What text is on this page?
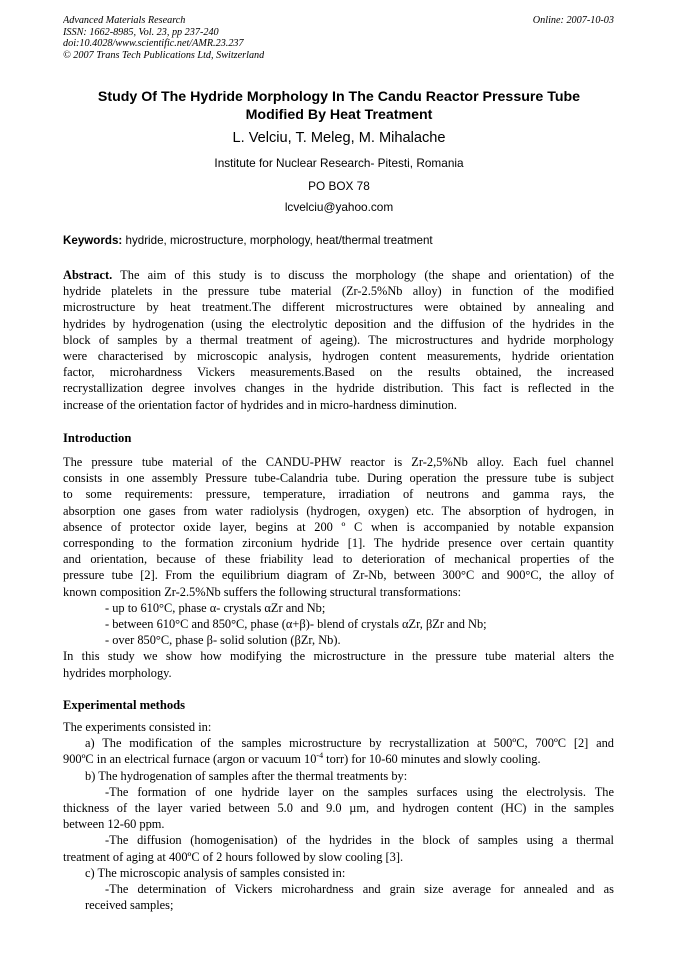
Advanced Materials Research
ISSN: 1662-8985, Vol. 23, pp 237-240
doi:10.4028/www.scientific.net/AMR.23.237
© 2007 Trans Tech Publications Ltd, Switzerland
Online: 2007-10-03
Study Of The Hydride Morphology In The Candu Reactor Pressure Tube
Modified By Heat Treatment
L. Velciu, T. Meleg, M. Mihalache
Institute for Nuclear Research- Pitesti, Romania
PO BOX 78
lcvelciu@yahoo.com
Keywords: hydride, microstructure, morphology, heat/thermal treatment
Abstract. The aim of this study is to discuss the morphology (the shape and orientation) of the
hydride platelets in the pressure tube material (Zr-2.5%Nb alloy) in function of the modified
microstructure by heat treatment.The different microstructures were obtained by annealing and
hydrides by hydrogenation (using the electrolytic deposition and the diffusion of the hydrides in the
block of samples by a thermal treatment of ageing). The microstructures and hydride morphology
were characterised by microscopic analysis, hydrogen content measurements, hydride orientation
factor, microhardness Vickers measurements.Based on the results obtained, the increased
recrystallization degree involves changes in the hydride distribution. This fact is reflected in the
increase of the orientation factor of hydrides and in micro-hardness diminution.
Introduction
The pressure tube material of the CANDU-PHW reactor is Zr-2,5%Nb alloy. Each fuel channel
consists in one assembly Pressure tube-Calandria tube. During operation the pressure tube is subject
to some requirements: pressure, temperature, irradiation of neutrons and gamma rays, the
absorption one gases from water radiolysis (hydrogen, oxygen) etc. The absorption of hydrogen, in
absence of protector oxide layer, begins at 200 º C when is accompanied by notable expansion
corresponding to the formation zirconium hydride [1]. The hydride presence over certain quantity
and orientation, because of these friability lead to deterioration of mechanical properties of the
pressure tube [2]. From the equilibrium diagram of Zr-Nb, between 300°C and 900°C, the alloy of
known composition Zr-2.5%Nb suffers the following structural transformations:
- up to 610°C, phase α- crystals αZr and Nb;
- between 610°C and 850°C, phase (α+β)- blend of crystals αZr, βZr and Nb;
- over 850°C, phase β- solid solution (βZr, Nb).
In this study we show how modifying the microstructure in the pressure tube material alters the
hydrides morphology.
Experimental methods
The experiments consisted in:
a) The modification of the samples microstructure by recrystallization at 500ºC, 700ºC [2] and
900ºC in an electrical furnace (argon or vacuum $10^{-4}$ torr) for 10-60 minutes and slowly cooling.
b) The hydrogenation of samples after the thermal treatments by:
-The formation of one hydride layer on the samples surfaces using the electrolysis. The
thickness of the layer varied between 5.0 and 9.0 µm, and hydrogen content (HC) in the samples
between 12-60 ppm.
-The diffusion (homogenisation) of the hydrides in the block of samples using a thermal
treatment of aging at 400ºC of 2 hours followed by slow cooling [3].
c) The microscopic analysis of samples consisted in:
-The determination of Vickers microhardness and grain size average for annealed and as
received samples;
